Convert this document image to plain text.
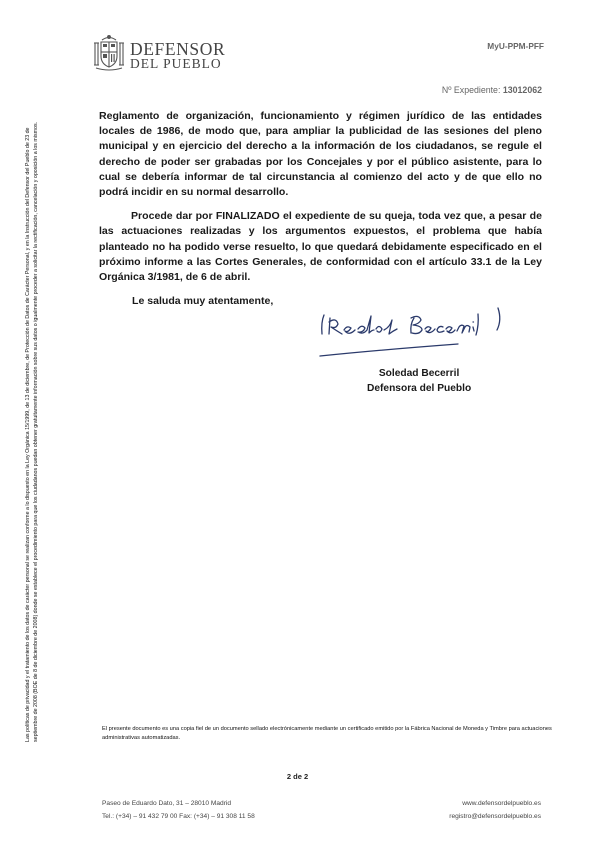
DEFENSOR
DEL PUEBLO
MyU-PPM-PFF
Nº Expediente: 13012062
Las políticas de privacidad y el tratamiento de los datos de carácter personal se realizan conforme a lo dispuesto en la Ley Orgánica 15/1999, de 13 de diciembre, de Protección de Datos de Carácter Personal, y en la Instrucción del Defensor del Pueblo de 23 de septiembre de 2008 (BOE de 8 de diciembre de 2008) donde se establece el procedimiento para que los ciudadanos puedan obtener gratuitamente información sobre sus datos o igualmente proceder a solicitar la rectificación, cancelación y oposición a los mismos.

Reglamento de organización, funcionamiento y régimen jurídico de las entidades locales de 1986, de modo que, para ampliar la publicidad de las sesiones del pleno municipal y en ejercicio del derecho a la información de los ciudadanos, se regule el derecho de poder ser grabadas por los Concejales y por el público asistente, para lo cual se debería informar de tal circunstancia al comienzo del acto y de que ello no podrá incidir en su normal desarrollo.

Procede dar por FINALIZADO el expediente de su queja, toda vez que, a pesar de las actuaciones realizadas y los argumentos expuestos, el problema que había planteado no ha podido verse resuelto, lo que quedará debidamente especificado en el próximo informe a las Cortes Generales, de conformidad con el artículo 33.1 de la Ley Orgánica 3/1981, de 6 de abril.

Le saluda muy atentamente,

Soledad Becerril
Defensora del Pueblo
El presente documento es una copia fiel de un documento sellado electrónicamente mediante un certificado emitido por la Fábrica Nacional de Moneda y Timbre para actuaciones administrativas automatizadas.
2 de 2
Paseo de Eduardo Dato, 31 – 28010 Madrid
Tel.: (+34) – 91 432 79 00 Fax: (+34) – 91 308 11 58
www.defensordelpueblo.es
registro@defensordelpueblo.es
